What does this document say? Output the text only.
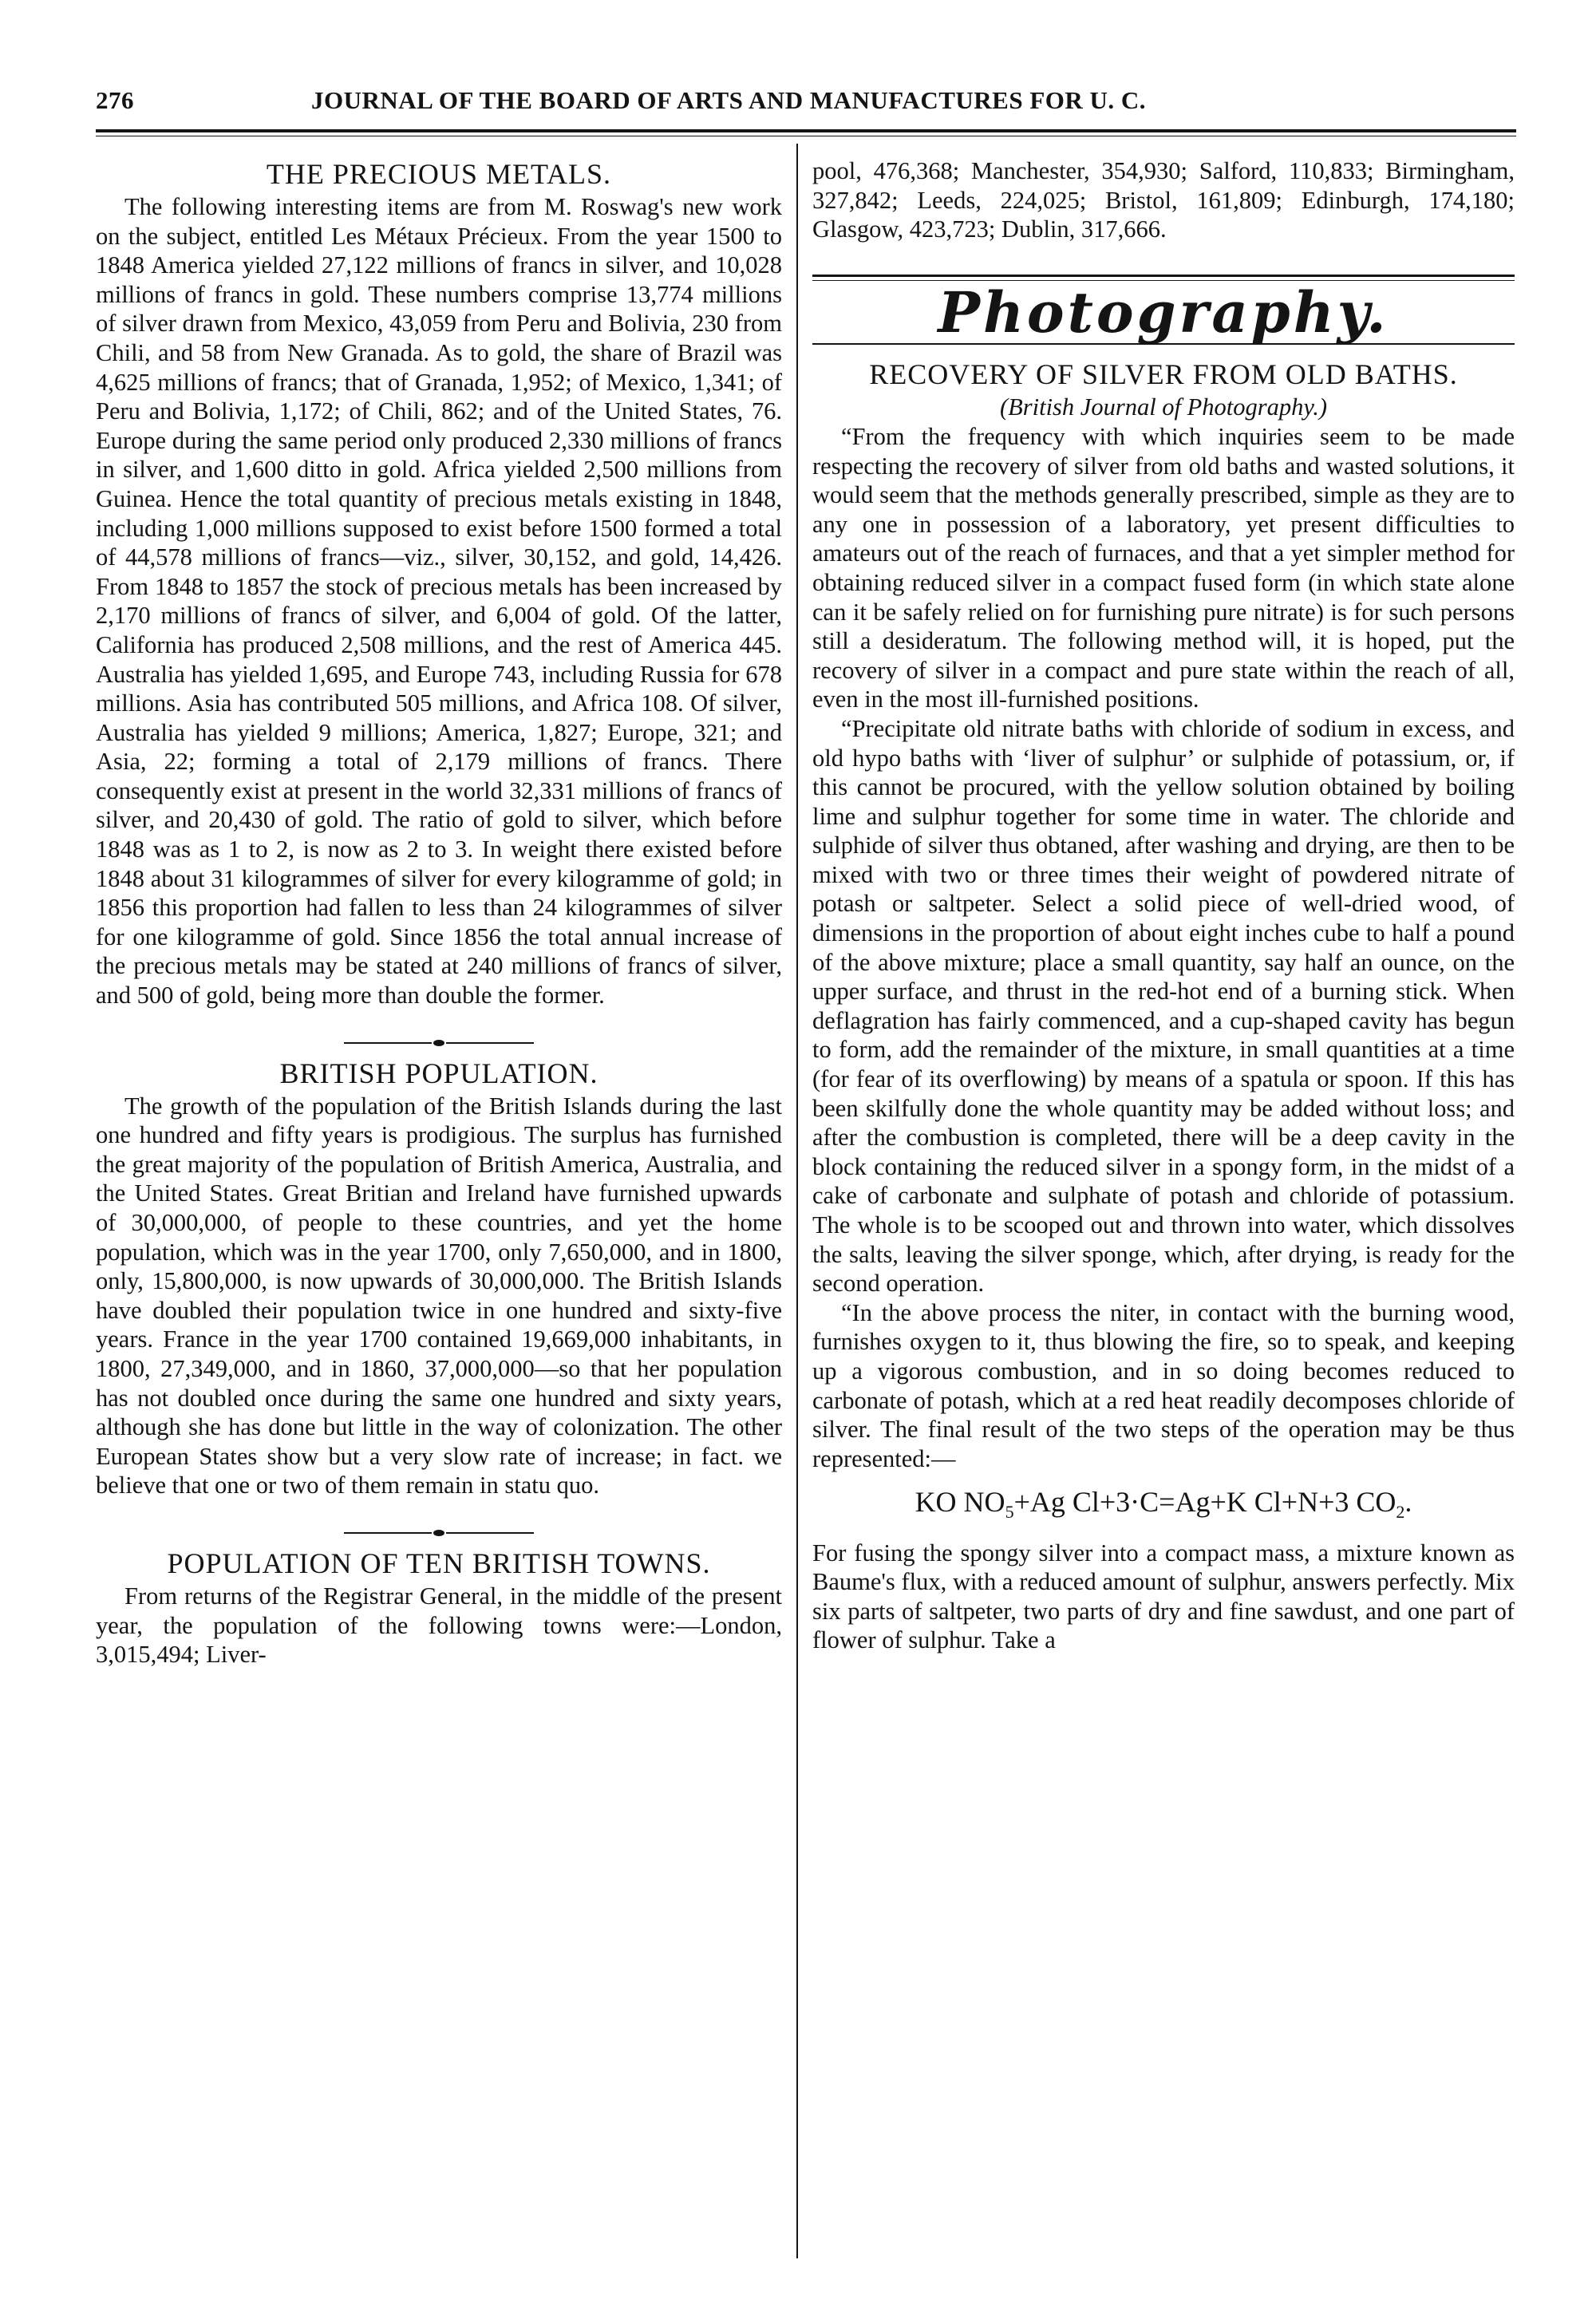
276	JOURNAL OF THE BOARD OF ARTS AND MANUFACTURES FOR U. C.
THE PRECIOUS METALS.

The following interesting items are from M. Roswag's new work on the subject, entitled Les Métaux Précieux. From the year 1500 to 1848 America yielded 27,122 millions of francs in silver, and 10,028 millions of francs in gold. These numbers comprise 13,774 millions of silver drawn from Mexico, 43,059 from Peru and Bolivia, 230 from Chili, and 58 from New Granada. As to gold, the share of Brazil was 4,625 millions of francs; that of Granada, 1,952; of Mexico, 1,341; of Peru and Bolivia, 1,172; of Chili, 862; and of the United States, 76. Europe during the same period only produced 2,330 millions of francs in silver, and 1,600 ditto in gold. Africa yielded 2,500 millions from Guinea. Hence the total quantity of precious metals existing in 1848, including 1,000 millions supposed to exist before 1500 formed a total of 44,578 millions of francs—viz., silver, 30,152, and gold, 14,426. From 1848 to 1857 the stock of precious metals has been increased by 2,170 millions of francs of silver, and 6,004 of gold. Of the latter, California has produced 2,508 millions, and the rest of America 445. Australia has yielded 1,695, and Europe 743, including Russia for 678 millions. Asia has contributed 505 millions, and Africa 108. Of silver, Australia has yielded 9 millions; America, 1,827; Europe, 321; and Asia, 22; forming a total of 2,179 millions of francs. There consequently exist at present in the world 32,331 millions of francs of silver, and 20,430 of gold. The ratio of gold to silver, which before 1848 was as 1 to 2, is now as 2 to 3. In weight there existed before 1848 about 31 kilogrammes of silver for every kilogramme of gold; in 1856 this proportion had fallen to less than 24 kilogrammes of silver for one kilogramme of gold. Since 1856 the total annual increase of the precious metals may be stated at 240 millions of francs of silver, and 500 of gold, being more than double the former.

BRITISH POPULATION.

The growth of the population of the British Islands during the last one hundred and fifty years is prodigious. The surplus has furnished the great majority of the population of British America, Australia, and the United States. Great Britian and Ireland have furnished upwards of 30,000,000, of people to these countries, and yet the home population, which was in the year 1700, only 7,650,000, and in 1800, only, 15,800,000, is now upwards of 30,000,000. The British Islands have doubled their population twice in one hundred and sixty-five years. France in the year 1700 contained 19,669,000 inhabitants, in 1800, 27,349,000, and in 1860, 37,000,000—so that her population has not doubled once during the same one hundred and sixty years, although she has done but little in the way of colonization. The other European States show but a very slow rate of increase; in fact. we believe that one or two of them remain in statu quo.

POPULATION OF TEN BRITISH TOWNS.

From returns of the Registrar General, in the middle of the present year, the population of the following towns were:—London, 3,015,494; Liver-

pool, 476,368; Manchester, 354,930; Salford, 110,833; Birmingham, 327,842; Leeds, 224,025; Bristol, 161,809; Edinburgh, 174,180; Glasgow, 423,723; Dublin, 317,666.

Photography.
RECOVERY OF SILVER FROM OLD BATHS.
(British Journal of Photography.)

“From the frequency with which inquiries seem to be made respecting the recovery of silver from old baths and wasted solutions, it would seem that the methods generally prescribed, simple as they are to any one in possession of a laboratory, yet present difficulties to amateurs out of the reach of furnaces, and that a yet simpler method for obtaining reduced silver in a compact fused form (in which state alone can it be safely relied on for furnishing pure nitrate) is for such persons still a desideratum. The following method will, it is hoped, put the recovery of silver in a compact and pure state within the reach of all, even in the most ill-furnished positions.

“Precipitate old nitrate baths with chloride of sodium in excess, and old hypo baths with ‘liver of sulphur’ or sulphide of potassium, or, if this cannot be procured, with the yellow solution obtained by boiling lime and sulphur together for some time in water. The chloride and sulphide of silver thus obtaned, after washing and drying, are then to be mixed with two or three times their weight of powdered nitrate of potash or saltpeter. Select a solid piece of well-dried wood, of dimensions in the proportion of about eight inches cube to half a pound of the above mixture; place a small quantity, say half an ounce, on the upper surface, and thrust in the red-hot end of a burning stick. When deflagration has fairly commenced, and a cup-shaped cavity has begun to form, add the remainder of the mixture, in small quantities at a time (for fear of its overflowing) by means of a spatula or spoon. If this has been skilfully done the whole quantity may be added without loss; and after the combustion is completed, there will be a deep cavity in the block containing the reduced silver in a spongy form, in the midst of a cake of carbonate and sulphate of potash and chloride of potassium. The whole is to be scooped out and thrown into water, which dissolves the salts, leaving the silver sponge, which, after drying, is ready for the second operation.

“In the above process the niter, in contact with the burning wood, furnishes oxygen to it, thus blowing the fire, so to speak, and keeping up a vigorous combustion, and in so doing becomes reduced to carbonate of potash, which at a red heat readily decomposes chloride of silver. The final result of the two steps of the operation may be thus represented:—

KO $NO_5+Ag$ Cl+3·C=Ag+K Cl+N+3 $CO_2$.

For fusing the spongy silver into a compact mass, a mixture known as Baume's flux, with a reduced amount of sulphur, answers perfectly. Mix six parts of saltpeter, two parts of dry and fine sawdust, and one part of flower of sulphur. Take a
